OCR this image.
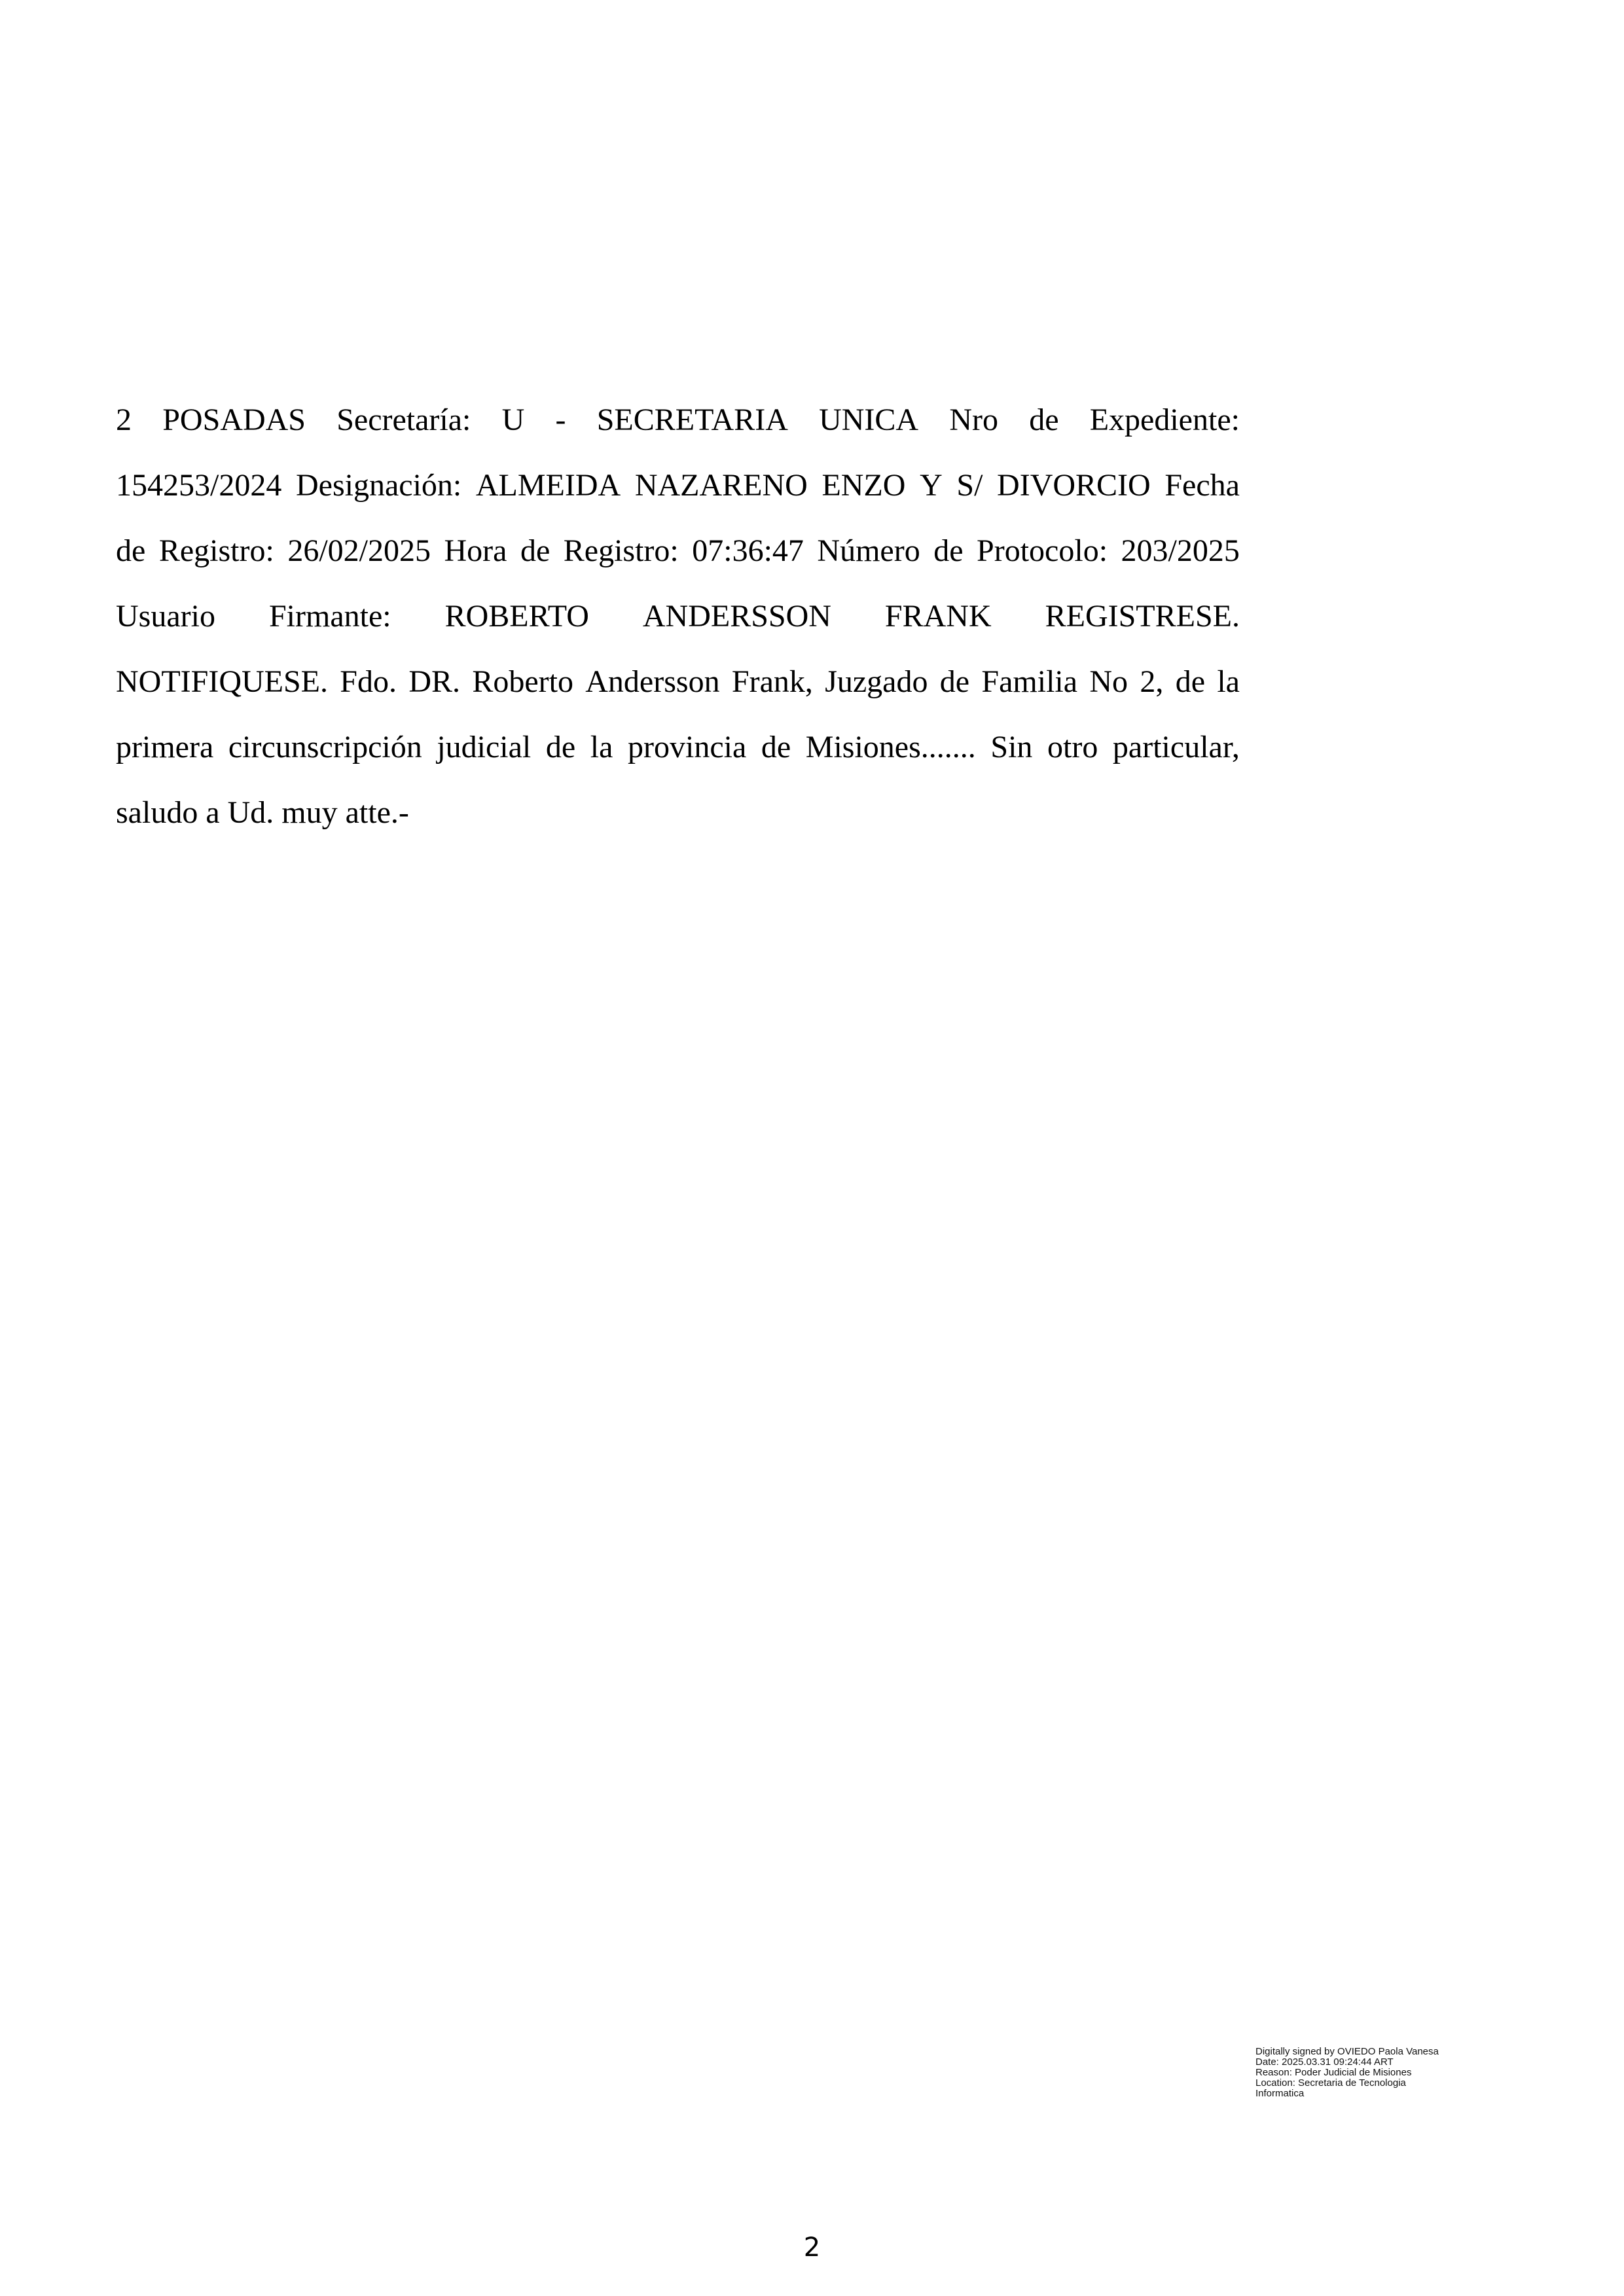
2 POSADAS Secretaría: U - SECRETARIA UNICA Nro de Expediente:
154253/2024 Designación: ALMEIDA NAZARENO ENZO Y S/ DIVORCIO Fecha
de Registro: 26/02/2025 Hora de Registro: 07:36:47 Número de Protocolo: 203/2025
Usuario Firmante: ROBERTO ANDERSSON FRANK REGISTRESE.
NOTIFIQUESE. Fdo. DR. Roberto Andersson Frank, Juzgado de Familia No 2, de la
primera circunscripción judicial de la provincia de Misiones....... Sin otro particular,
saludo a Ud. muy atte.-
Digitally signed by OVIEDO Paola Vanesa
Date: 2025.03.31 09:24:44 ART
Reason: Poder Judicial de Misiones
Location: Secretaria de Tecnologia
Informatica
2
